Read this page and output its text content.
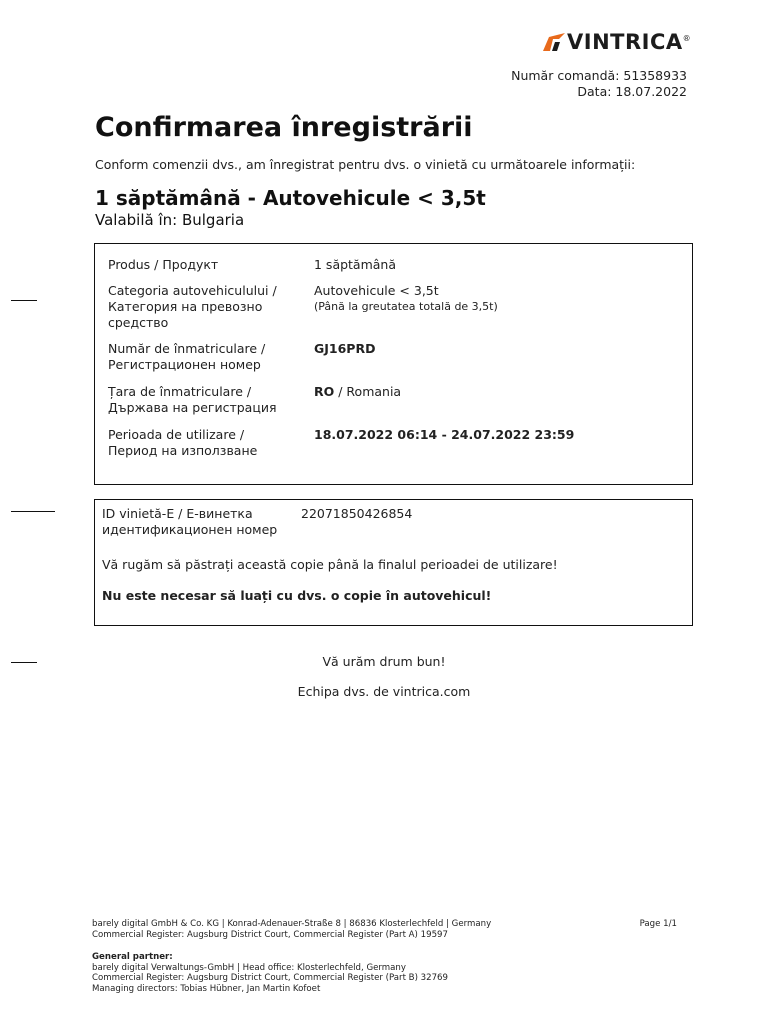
VINTRICA®
Număr comandă: 51358933
Data: 18.07.2022
Confirmarea înregistrării
Conform comenzii dvs., am înregistrat pentru dvs. o vinietă cu următoarele informații:
1 săptămână - Autovehicule < 3,5t
Valabilă în: Bulgaria
Produs / Продукт	1 săptămână
Categoria autovehiculului /
Категория на превозно
средство
Autovehicule < 3,5t
(Până la greutatea totală de 3,5t)
Număr de înmatriculare /
Регистрационен номер
GJ16PRD
Țara de înmatriculare /
Държава на регистрация
RO / Romania
Perioada de utilizare /
Период на използване
18.07.2022 06:14 - 24.07.2022 23:59
ID vinietă-E / Е-винетка
идентификационен номер
22071850426854
Vă rugăm să păstrați această copie până la finalul perioadei de utilizare!
Nu este necesar să luați cu dvs. o copie în autovehicul!
Vă urăm drum bun!
Echipa dvs. de vintrica.com
barely digital GmbH & Co. KG | Konrad-Adenauer-Straße 8 | 86836 Klosterlechfeld | Germany
Commercial Register: Augsburg District Court, Commercial Register (Part A) 19597
General partner:
barely digital Verwaltungs-GmbH | Head office: Klosterlechfeld, Germany
Commercial Register: Augsburg District Court, Commercial Register (Part B) 32769
Managing directors: Tobias Hübner, Jan Martin Kofoet
Page 1/1
